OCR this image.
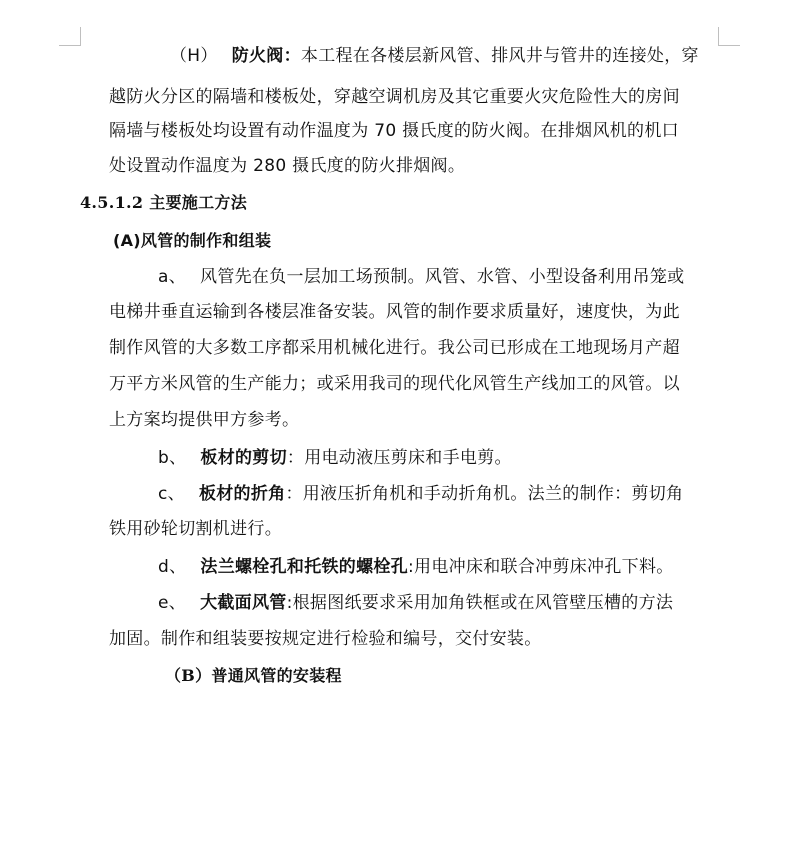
（H） 防火阀：本工程在各楼层新风管、排风井与管井的连接处，穿
越防火分区的隔墙和楼板处，穿越空调机房及其它重要火灾危险性大的房间
隔墙与楼板处均设置有动作温度为 70 摄氏度的防火阀。在排烟风机的机口
处设置动作温度为 280 摄氏度的防火排烟阀。
4.5.1.2 主要施工方法
(A)风管的制作和组装
a、 风管先在负一层加工场预制。风管、水管、小型设备利用吊笼或
电梯井垂直运输到各楼层准备安装。风管的制作要求质量好，速度快，为此
制作风管的大多数工序都采用机械化进行。我公司已形成在工地现场月产超
万平方米风管的生产能力；或采用我司的现代化风管生产线加工的风管。以
上方案均提供甲方参考。
b、 板材的剪切：用电动液压剪床和手电剪。
c、 板材的折角：用液压折角机和手动折角机。法兰的制作：剪切角
铁用砂轮切割机进行。
d、 法兰螺栓孔和托铁的螺栓孔:用电冲床和联合冲剪床冲孔下料。
e、 大截面风管:根据图纸要求采用加角铁框或在风管壁压槽的方法
加固。制作和组装要按规定进行检验和编号，交付安装。
（B）普通风管的安装程
